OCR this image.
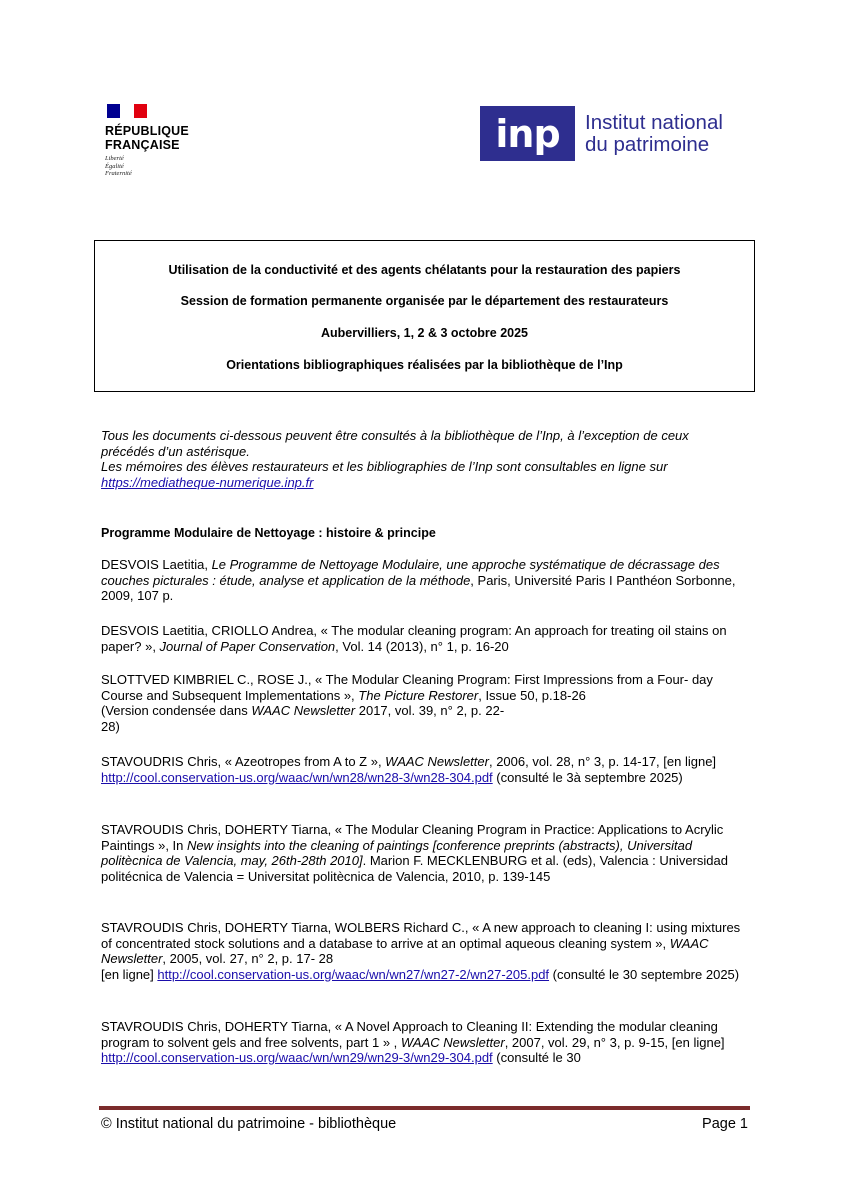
RÉPUBLIQUE
FRANÇAISE
Liberté
Égalité
Fraternité
inp	Institut national
du patrimoine
Utilisation de la conductivité et des agents chélatants pour la restauration des papiers
Session de formation permanente organisée par le département des restaurateurs
Aubervilliers, 1, 2 & 3 octobre 2025
Orientations bibliographiques réalisées par la bibliothèque de l’Inp
Tous les documents ci-dessous peuvent être consultés à la bibliothèque de l’Inp, à l’exception de ceux précédés d’un astérisque.
Les mémoires des élèves restaurateurs et les bibliographies de l’Inp sont consultables en ligne sur
https://mediatheque-numerique.inp.fr
Programme Modulaire de Nettoyage : histoire & principe
DESVOIS Laetitia, Le Programme de Nettoyage Modulaire, une approche systématique de décrassage des couches picturales : étude, analyse et application de la méthode, Paris, Université Paris I Panthéon Sorbonne, 2009, 107 p.
DESVOIS Laetitia, CRIOLLO Andrea, « The modular cleaning program: An approach for treating oil stains on paper? », Journal of Paper Conservation, Vol. 14 (2013), n° 1, p. 16-20
SLOTTVED KIMBRIEL C., ROSE J., « The Modular Cleaning Program: First Impressions from a Four- day Course and Subsequent Implementations », The Picture Restorer, Issue 50, p.18-26
(Version condensée dans WAAC Newsletter 2017, vol. 39, n° 2, p. 22-
28)
STAVOUDRIS Chris, « Azeotropes from A to Z », WAAC Newsletter, 2006, vol. 28, n° 3, p. 14-17, [en ligne] http://cool.conservation-us.org/waac/wn/wn28/wn28-3/wn28-304.pdf (consulté le 3à septembre 2025)
STAVROUDIS Chris, DOHERTY Tiarna, « The Modular Cleaning Program in Practice: Applications to Acrylic Paintings », In New insights into the cleaning of paintings [conference preprints (abstracts), Universitad politècnica de Valencia, may, 26th-28th 2010]. Marion F. MECKLENBURG et al. (eds), Valencia : Universidad politécnica de Valencia = Universitat politècnica de Valencia, 2010, p. 139-145
STAVROUDIS Chris, DOHERTY Tiarna, WOLBERS Richard C., « A new approach to cleaning I: using mixtures of concentrated stock solutions and a database to arrive at an optimal aqueous cleaning system », WAAC Newsletter, 2005, vol. 27, n° 2, p. 17- 28
[en ligne] http://cool.conservation-us.org/waac/wn/wn27/wn27-2/wn27-205.pdf (consulté le 30 septembre 2025)
STAVROUDIS Chris, DOHERTY Tiarna, « A Novel Approach to Cleaning II: Extending the modular cleaning program to solvent gels and free solvents, part 1 » , WAAC Newsletter, 2007, vol. 29, n° 3, p. 9-15, [en ligne] http://cool.conservation-us.org/waac/wn/wn29/wn29-3/wn29-304.pdf (consulté le 30
© Institut national du patrimoine - bibliothèque	Page 1
